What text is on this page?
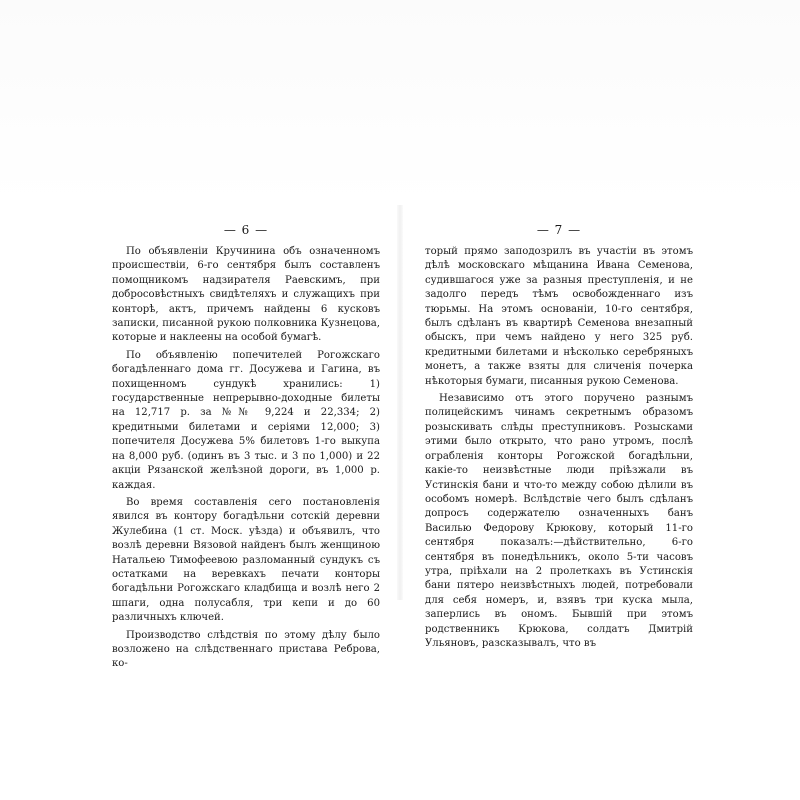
— 6 —

По объявленіи Кручинина объ означенномъ происшествіи, 6-го сентября былъ составленъ помощникомъ надзирателя Раевскимъ, при добросовѣстныхъ свидѣтеляхъ и служащихъ при конторѣ, актъ, причемъ найдены 6 кусковъ записки, писанной рукою полковника Кузнецова, которые и наклеены на особой бумагѣ.

По объявленію попечителей Рогожскаго богадѣленнаго дома гг. Досужева и Гагина, въ похищенномъ сундукѣ хранились: 1) государственные непрерывно-доходные билеты на 12,717 р. за №№ 9,224 и 22,334; 2) кредитными билетами и серіями 12,000; 3) попечителя Досужева 5% билетовъ 1-го выкупа на 8,000 руб. (одинъ въ 3 тыс. и 3 по 1,000) и 22 акціи Рязанской желѣзной дороги, въ 1,000 р. каждая.

Во время составленія сего постановленія явился въ контору богадѣльни сотскій деревни Жулебина (1 ст. Моск. уѣзда) и объявилъ, что возлѣ деревни Вязовой найденъ былъ женщиною Натальею Тимофеевою разломанный сундукъ съ остатками на веревкахъ печати конторы богадѣльни Рогожскаго кладбища и возлѣ него 2 шпаги, одна полусабля, три кепи и до 60 различныхъ ключей.

Производство слѣдствія по этому дѣлу было возложено на слѣдственнаго пристава Реброва, ко-

— 7 —

торый прямо заподозрилъ въ участіи въ этомъ дѣлѣ московскаго мѣщанина Ивана Семенова, судившагося уже за разныя преступленія, и не задолго передъ тѣмъ освобожденнаго изъ тюрьмы. На этомъ основаніи, 10-го сентября, былъ сдѣланъ въ квартирѣ Семенова внезапный обыскъ, при чемъ найдено у него 325 руб. кредитными билетами и нѣсколько серебряныхъ монетъ, а также взяты для сличенія почерка нѣкоторыя бумаги, писанныя рукою Семенова.

Независимо отъ этого поручено разнымъ полицейскимъ чинамъ секретнымъ образомъ розыскивать слѣды преступниковъ. Розысками этими было открыто, что рано утромъ, послѣ ограбленія конторы Рогожской богадѣльни, какіе-то неизвѣстные люди пріѣзжали въ Устинскія бани и что-то между собою дѣлили въ особомъ номерѣ. Вслѣдствіе чего былъ сдѣланъ допросъ содержателю означенныхъ банъ Василью Федорову Крюкову, который 11-го сентября показалъ:—дѣйствительно, 6-го сентября въ понедѣльникъ, около 5-ти часовъ утра, пріѣхали на 2 пролеткахъ въ Устинскія бани пятеро неизвѣстныхъ людей, потребовали для себя номеръ, и, взявъ три куска мыла, заперлись въ ономъ. Бывшій при этомъ родственникъ Крюкова, солдатъ Дмитрій Ульяновъ, разсказывалъ, что въ
